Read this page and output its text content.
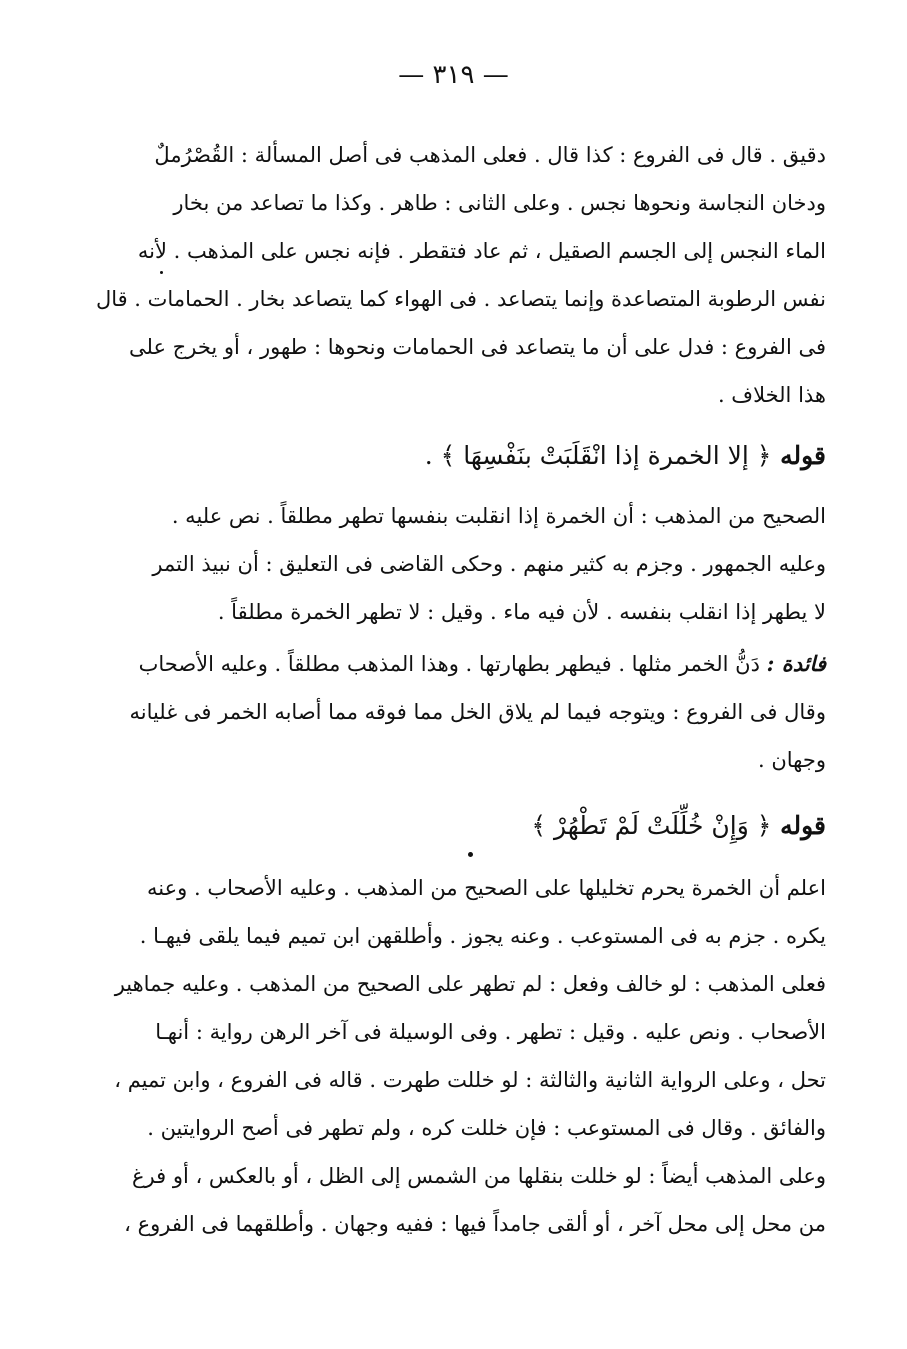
— ٣١٩ —
دقيق . قال فى الفروع : كذا قال . فعلى المذهب فى أصل المسألة : القُصْرُملٌ
ودخان النجاسة ونحوها نجس . وعلى الثانى : طاهر . وكذا ما تصاعد من بخار
الماء النجس إلى الجسم الصقيل ، ثم عاد فتقطر . فإنه نجس على المذهب . لأنه
نفس الرطوبة المتصاعدة وإنما يتصاعد . فى الهواء كما يتصاعد بخار . الحمامات . قال
فى الفروع : فدل على أن ما يتصاعد فى الحمامات ونحوها : طهور ، أو يخرج على
هذا الخلاف .
قوله ﴿ إلا الخمرة إذا انْقَلَبَتْ بنَفْسِهَا ﴾ .
الصحيح من المذهب : أن الخمرة إذا انقلبت بنفسها تطهر مطلقاً . نص عليه .
وعليه الجمهور . وجزم به كثير منهم . وحكى القاضى فى التعليق : أن نبيذ التمر
لا يطهر إذا انقلب بنفسه . لأن فيه ماء . وقيل : لا تطهر الخمرة مطلقاً .
فائدة : دَنُّ الخمر مثلها . فيطهر بطهارتها . وهذا المذهب مطلقاً . وعليه الأصحاب
وقال فى الفروع : ويتوجه فيما لم يلاق الخل مما فوقه مما أصابه الخمر فى غليانه
وجهان .
قوله ﴿ وَإِنْ خُلِّلَتْ لَمْ تَطْهُرْ ﴾
اعلم أن الخمرة يحرم تخليلها على الصحيح من المذهب . وعليه الأصحاب . وعنه
يكره . جزم به فى المستوعب . وعنه يجوز . وأطلقهن ابن تميم فيما يلقى فيهـا .
فعلى المذهب : لو خالف وفعل : لم تطهر على الصحيح من المذهب . وعليه جماهير
الأصحاب . ونص عليه . وقيل : تطهر . وفى الوسيلة فى آخر الرهن رواية : أنهـا
تحل ، وعلى الرواية الثانية والثالثة : لو خللت طهرت . قاله فى الفروع ، وابن تميم ،
والفائق . وقال فى المستوعب : فإن خللت كره ، ولم تطهر فى أصح الروايتين .
وعلى المذهب أيضاً : لو خللت بنقلها من الشمس إلى الظل ، أو بالعكس ، أو فرغ
من محل إلى محل آخر ، أو ألقى جامداً فيها : ففيه وجهان . وأطلقهما فى الفروع ،
